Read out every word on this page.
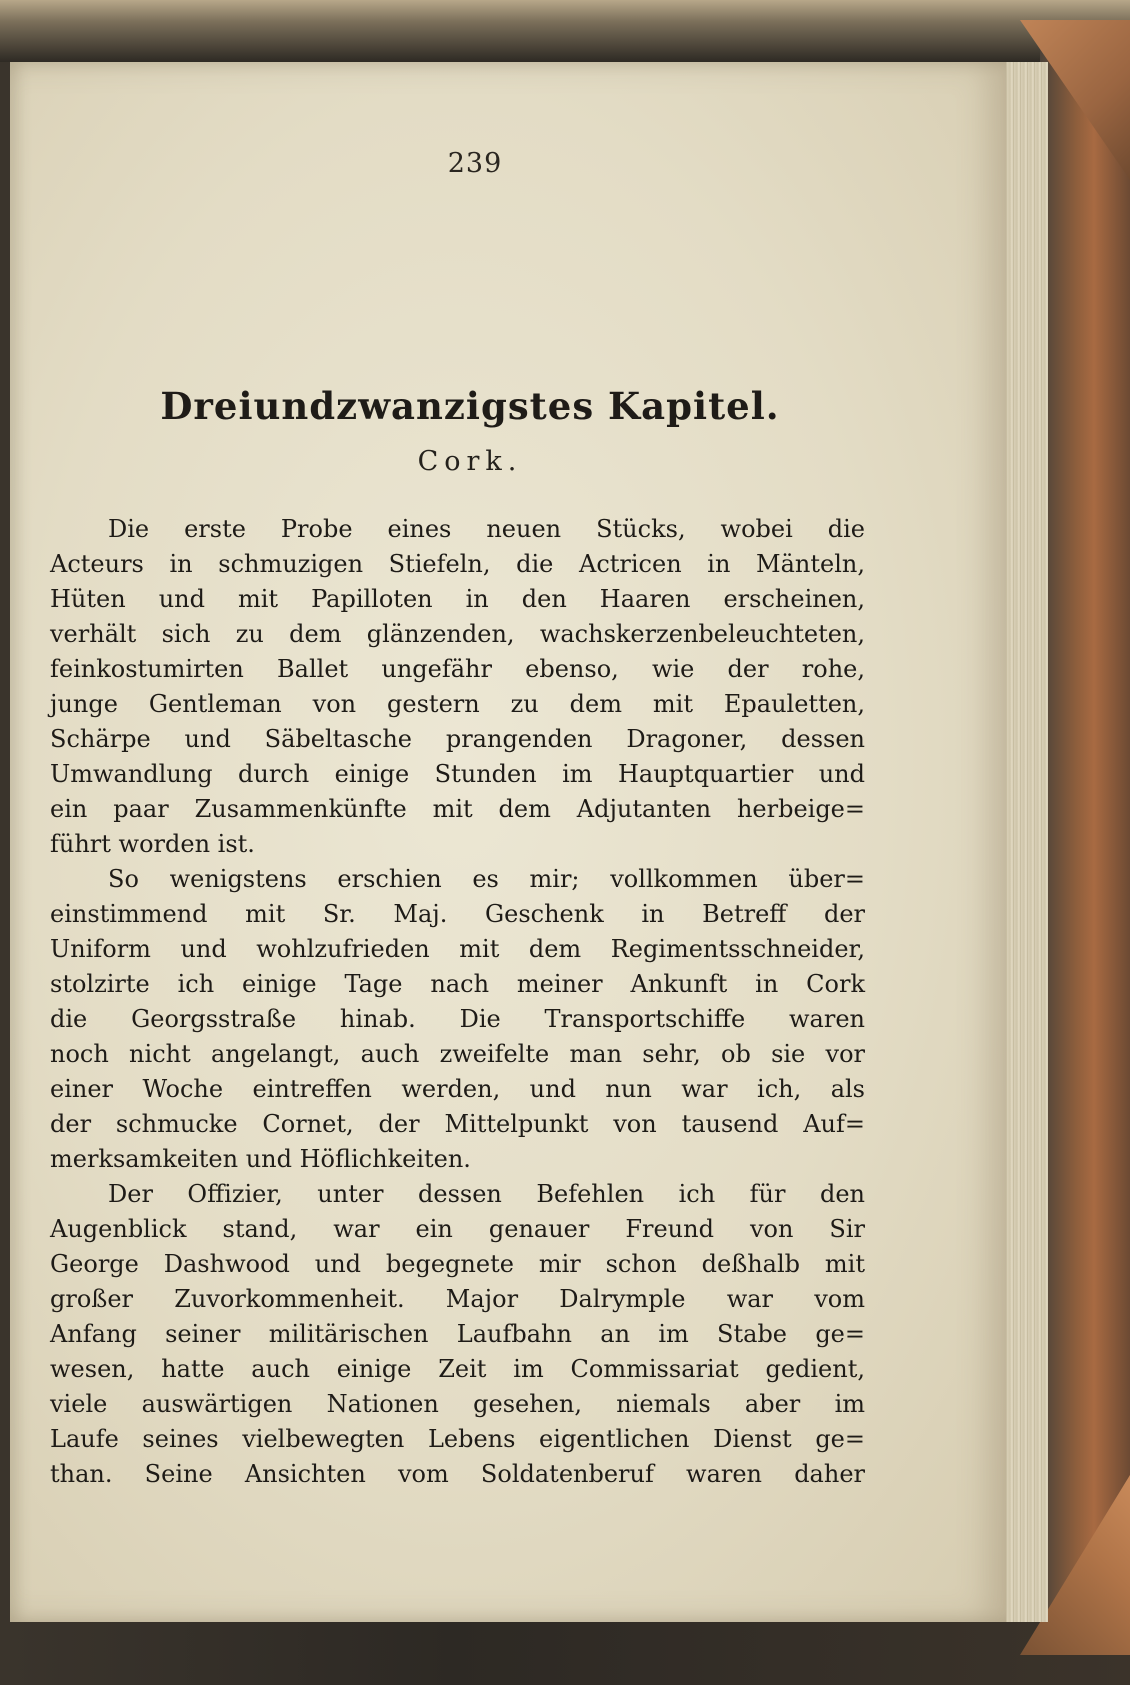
239
Dreiundzwanzigstes Kapitel.
Cork.
Die erste Probe eines neuen Stücks, wobei die
Acteurs in schmuzigen Stiefeln, die Actricen in Mänteln,
Hüten und mit Papilloten in den Haaren erscheinen,
verhält sich zu dem glänzenden, wachskerzenbeleuchteten,
feinkostumirten Ballet ungefähr ebenso, wie der rohe,
junge Gentleman von gestern zu dem mit Epauletten,
Schärpe und Säbeltasche prangenden Dragoner, dessen
Umwandlung durch einige Stunden im Hauptquartier und
ein paar Zusammenkünfte mit dem Adjutanten herbeige=
führt worden ist.
So wenigstens erschien es mir; vollkommen über=
einstimmend mit Sr. Maj. Geschenk in Betreff der
Uniform und wohlzufrieden mit dem Regimentsschneider,
stolzirte ich einige Tage nach meiner Ankunft in Cork
die Georgsstraße hinab. Die Transportschiffe waren
noch nicht angelangt, auch zweifelte man sehr, ob sie vor
einer Woche eintreffen werden, und nun war ich, als
der schmucke Cornet, der Mittelpunkt von tausend Auf=
merksamkeiten und Höflichkeiten.
Der Offizier, unter dessen Befehlen ich für den
Augenblick stand, war ein genauer Freund von Sir
George Dashwood und begegnete mir schon deßhalb mit
großer Zuvorkommenheit. Major Dalrymple war vom
Anfang seiner militärischen Laufbahn an im Stabe ge=
wesen, hatte auch einige Zeit im Commissariat gedient,
viele auswärtigen Nationen gesehen, niemals aber im
Laufe seines vielbewegten Lebens eigentlichen Dienst ge=
than. Seine Ansichten vom Soldatenberuf waren daher
